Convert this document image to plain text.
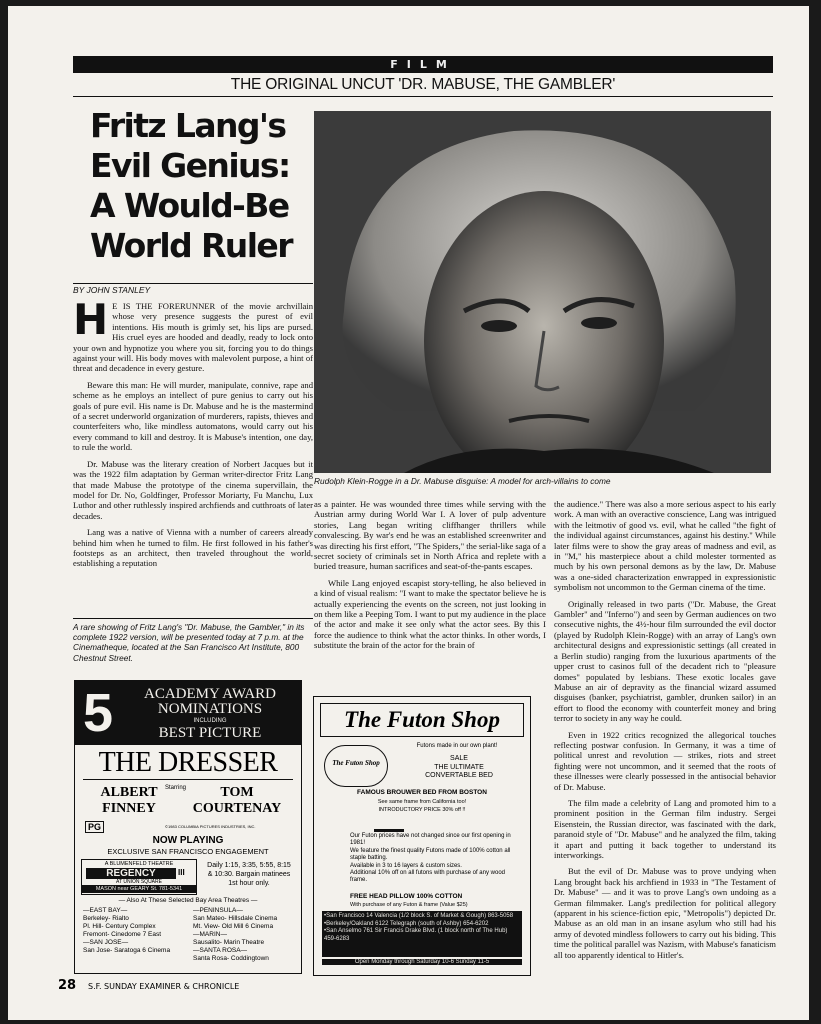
FILM
THE ORIGINAL UNCUT 'DR. MABUSE, THE GAMBLER'
Fritz Lang's
Evil Genius:
A Would-Be
World Ruler
BY JOHN STANLEY

H E IS THE FORERUNNER of the movie archvillain whose very presence suggests the purest of evil intentions. His mouth is grimly set, his lips are pursed. His cruel eyes are hooded and deadly, ready to lock onto your own and hypnotize you where you sit, forcing you to do things against your will. His body moves with malevolent purpose, a hint of threat and decadence in every gesture.

Beware this man: He will murder, manipulate, connive, rape and scheme as he employs an intellect of pure genius to carry out his goals of pure evil. His name is Dr. Mabuse and he is the mastermind of a secret underworld organization of murderers, rapists, thieves and counterfeiters who, like mindless automatons, would carry out his every command to kill and destroy. It is Mabuse's intention, one day, to rule the world.

Dr. Mabuse was the literary creation of Norbert Jacques but it was the 1922 film adaptation by German writer-director Fritz Lang that made Mabuse the prototype of the cinema supervillain, the model for Dr. No, Goldfinger, Professor Moriarty, Fu Manchu, Lux Luthor and other ruthlessly inspired archfiends and cutthroats of later decades.

Lang was a native of Vienna with a number of careers already behind him when he turned to film. He first followed in his father's footsteps as an architect, then traveled throughout the world, establishing a reputation

A rare showing of Fritz Lang's "Dr. Mabuse, the Gambler," in its complete 1922 version, will be presented today at 7 p.m. at the Cinematheque, located at the San Francisco Art Institute, 800 Chestnut Street.
Rudolph Klein-Rogge in a Dr. Mabuse disguise: A model for arch-villains to come

as a painter. He was wounded three times while serving with the Austrian army during World War I. A lover of pulp adventure stories, Lang began writing cliffhanger thrillers while convalescing. By war's end he was an established screenwriter and was directing his first effort, "The Spiders," the serial-like saga of a secret society of criminals set in North Africa and replete with a buried treasure, human sacrifices and seat-of-the-pants escapes.

While Lang enjoyed escapist story-telling, he also believed in a kind of visual realism: "I want to make the spectator believe he is actually experiencing the events on the screen, not just looking in on them like a Peeping Tom. I want to put my audience in the place of the actor and make it see only what the actor sees. By this I force the audience to think what the actor thinks. In other words, I substitute the brain of the actor for the brain of

the audience." There was also a more serious aspect to his early work. A man with an overactive conscience, Lang was intrigued with the leitmotiv of good vs. evil, what he called "the fight of the individual against circumstances, against his destiny." While later films were to show the gray areas of madness and evil, as in "M," his masterpiece about a child molester tormented as much by his own personal demons as by the law, Dr. Mabuse was a one-sided characterization enwrapped in expressionistic symbolism not uncommon to the German cinema of the time.

Originally released in two parts ("Dr. Mabuse, the Great Gambler" and "Inferno") and seen by German audiences on two consecutive nights, the 4½-hour film surrounded the evil doctor (played by Rudolph Klein-Rogge) with an array of Lang's own architectural designs and expressionistic settings (all created in a Berlin studio) ranging from the luxurious apartments of the upper crust to casinos full of the decadent rich to "pleasure domes" populated by lesbians. These exotic locales gave Mabuse an air of depravity as the financial wizard assumed disguises (banker, psychiatrist, gambler, drunken sailor) in an effort to flood the economy with counterfeit money and bring terror to society in any way he could.

Even in 1922 critics recognized the allegorical touches reflecting postwar confusion. In Germany, it was a time of political unrest and revolution — strikes, riots and street fighting were not uncommon, and it seemed that the roots of these illnesses were clearly possessed in the antisocial behavior of Dr. Mabuse.

The film made a celebrity of Lang and promoted him to a prominent position in the German film industry. Sergei Eisenstein, the Russian director, was fascinated with the dark, paranoid style of "Dr. Mabuse" and he analyzed the film, taking it apart and putting it back together to understand its interworkings.

But the evil of Dr. Mabuse was to prove undying when Lang brought back his archfiend in 1933 in "The Testament of Dr. Mabuse" — and it was to prove Lang's own undoing as a German filmmaker. Lang's predilection for political allegory (apparent in his science-fiction epic, "Metropolis") depicted Dr. Mabuse as an old man in an insane asylum who still had his army of devoted mindless followers to carry out his biding. This time the political parallel was Nazism, with Mabuse's fanaticism all too apparently identical to Hitler's.

5	ACADEMY AWARD
NOMINATIONS
INCLUDING
BEST PICTURE
THE DRESSER
ALBERT
FINNEY
Starring	TOM
COURTENAY
PG	©1983 COLUMBIA PICTURES INDUSTRIES, INC.
NOW PLAYING
EXCLUSIVE SAN FRANCISCO ENGAGEMENT
A BLUMENFELD THEATRE
REGENCY	III
AT UNION SQUARE
MASON near GEARY St. 781-5341
Daily 1:15, 3:35, 5:55, 8:15
& 10:30. Bargain matinees
1st hour only.
— Also At These Selected Bay Area Theatres —
—EAST BAY—
Berkeley- Rialto
Pl. Hill- Century Complex
Fremont- Cinedome 7 East
—SAN JOSE—
San Jose- Saratoga 6 Cinema
—PENINSULA—
San Mateo- Hillsdale Cinema
Mt. View- Old Mill 6 Cinema
—MARIN—
Sausalito- Marin Theatre
—SANTA ROSA—
Santa Rosa- Coddingtown
The Futon Shop
The Futon Shop
Futons made in our own plant!
SALE
THE ULTIMATE
CONVERTABLE BED
FAMOUS BROUWER BED FROM BOSTON
See same frame from California too!
INTRODUCTORY PRICE 30% off !!
Our Futon prices have not changed since our first opening in 1981!
We feature the finest quality Futons made of 100% cotton all staple batting.
Available in 3 to 16 layers & custom sizes.
Additional 10% off on all futons with purchase of any wood frame.
FREE HEAD PILLOW 100% COTTON
With purchase of any Futon & frame (Value $25)
•San Francisco 14 Valencia (1/2 block S. of Market & Gough) 863-5058
•Berkeley/Oakland 6122 Telegraph (south of Ashby) 654-6202
•San Anselmo 761 Sir Francis Drake Blvd. (1 block north of The Hub) 459-6283
Open Monday through Saturday 10-6 Sunday 11-5
28 S.F. SUNDAY EXAMINER & CHRONICLE
